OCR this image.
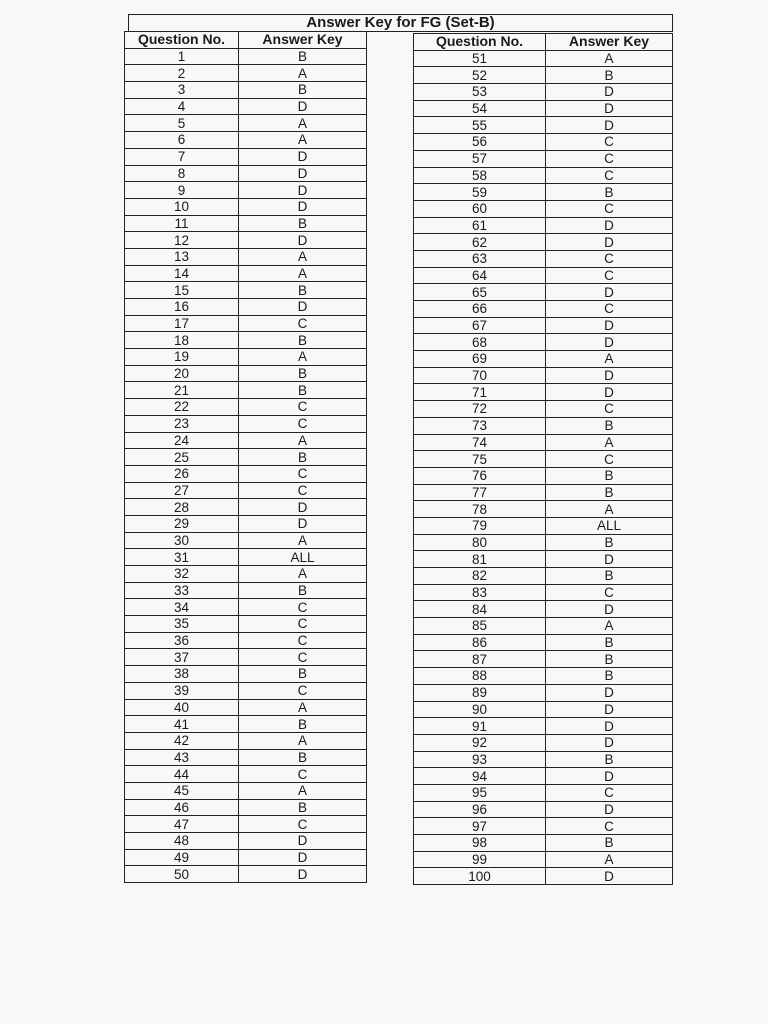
Answer Key for FG (Set-B)
Question No.	Answer Key
1	B
2	A
3	B
4	D
5	A
6	A
7	D
8	D
9	D
10	D
11	B
12	D
13	A
14	A
15	B
16	D
17	C
18	B
19	A
20	B
21	B
22	C
23	C
24	A
25	B
26	C
27	C
28	D
29	D
30	A
31	ALL
32	A
33	B
34	C
35	C
36	C
37	C
38	B
39	C
40	A
41	B
42	A
43	B
44	C
45	A
46	B
47	C
48	D
49	D
50	D
Question No.	Answer Key
51	A
52	B
53	D
54	D
55	D
56	C
57	C
58	C
59	B
60	C
61	D
62	D
63	C
64	C
65	D
66	C
67	D
68	D
69	A
70	D
71	D
72	C
73	B
74	A
75	C
76	B
77	B
78	A
79	ALL
80	B
81	D
82	B
83	C
84	D
85	A
86	B
87	B
88	B
89	D
90	D
91	D
92	D
93	B
94	D
95	C
96	D
97	C
98	B
99	A
100	D
